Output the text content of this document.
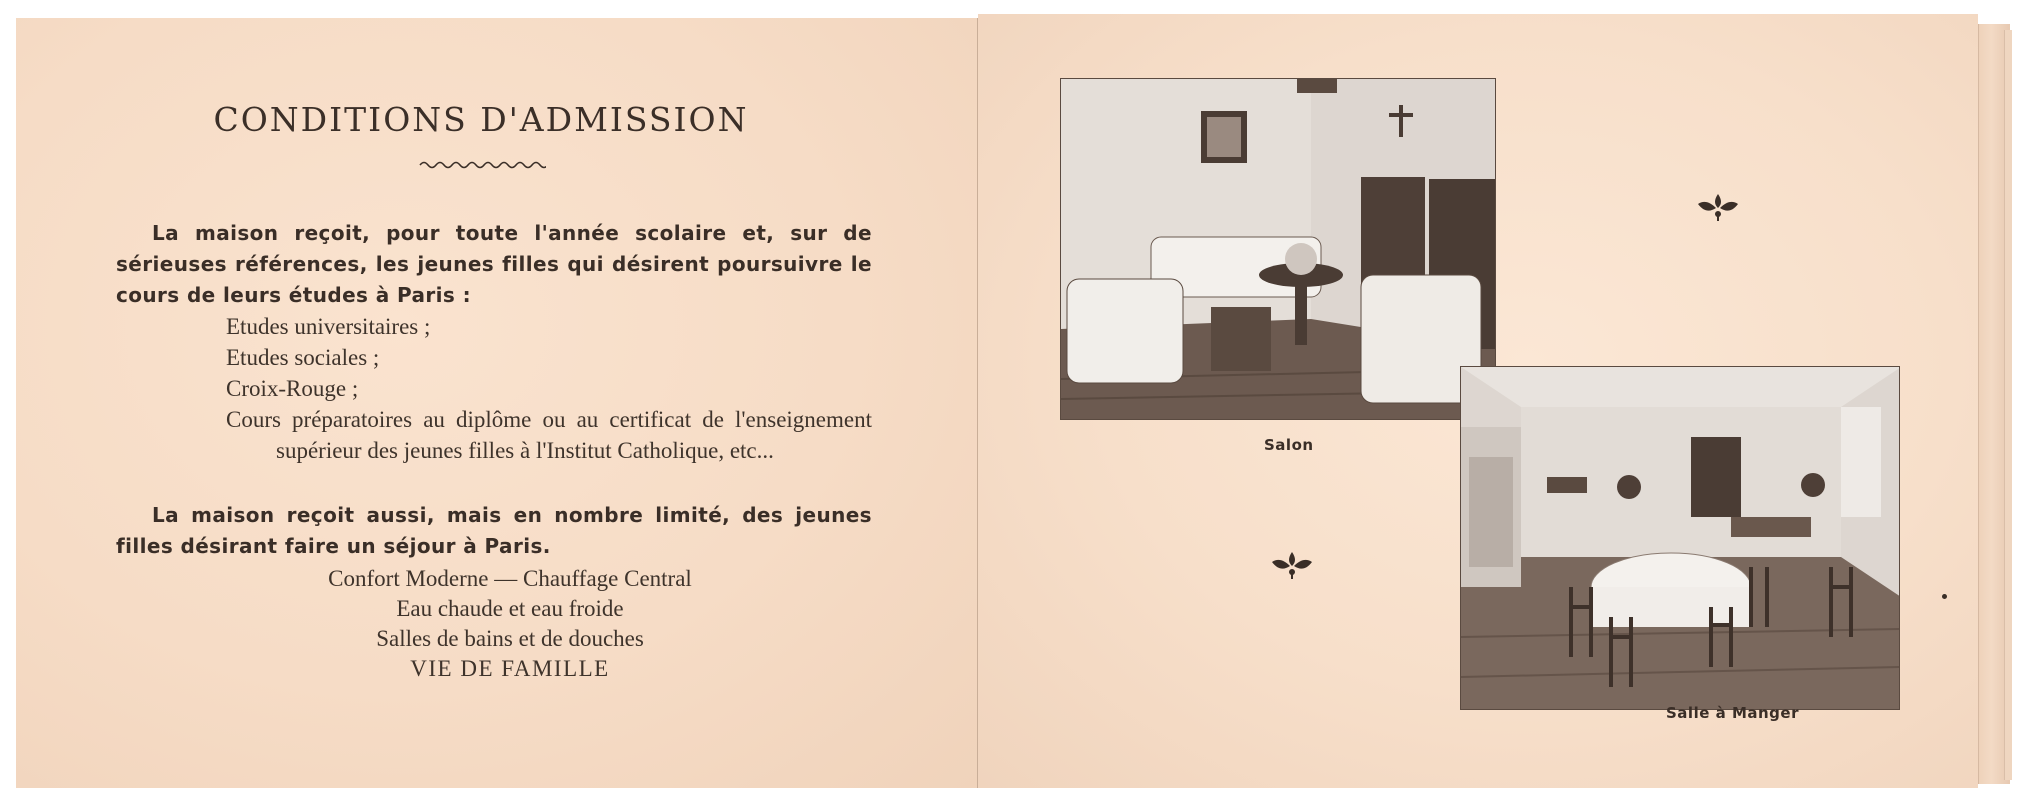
CONDITIONS D'ADMISSION

La maison reçoit, pour toute l'année scolaire et, sur de sérieuses références, les jeunes filles qui désirent poursuivre le cours de leurs études à Paris :

Etudes universitaires ;
Etudes sociales ;
Croix-Rouge ;
Cours préparatoires au diplôme ou au certificat de l'enseignement supérieur des jeunes filles à l'Institut Catholique, etc...

La maison reçoit aussi, mais en nombre limité, des jeunes filles désirant faire un séjour à Paris.

Confort Moderne — Chauffage Central
Eau chaude et eau froide
Salles de bains et de douches
VIE DE FAMILLE

Salon

Salle à Manger
